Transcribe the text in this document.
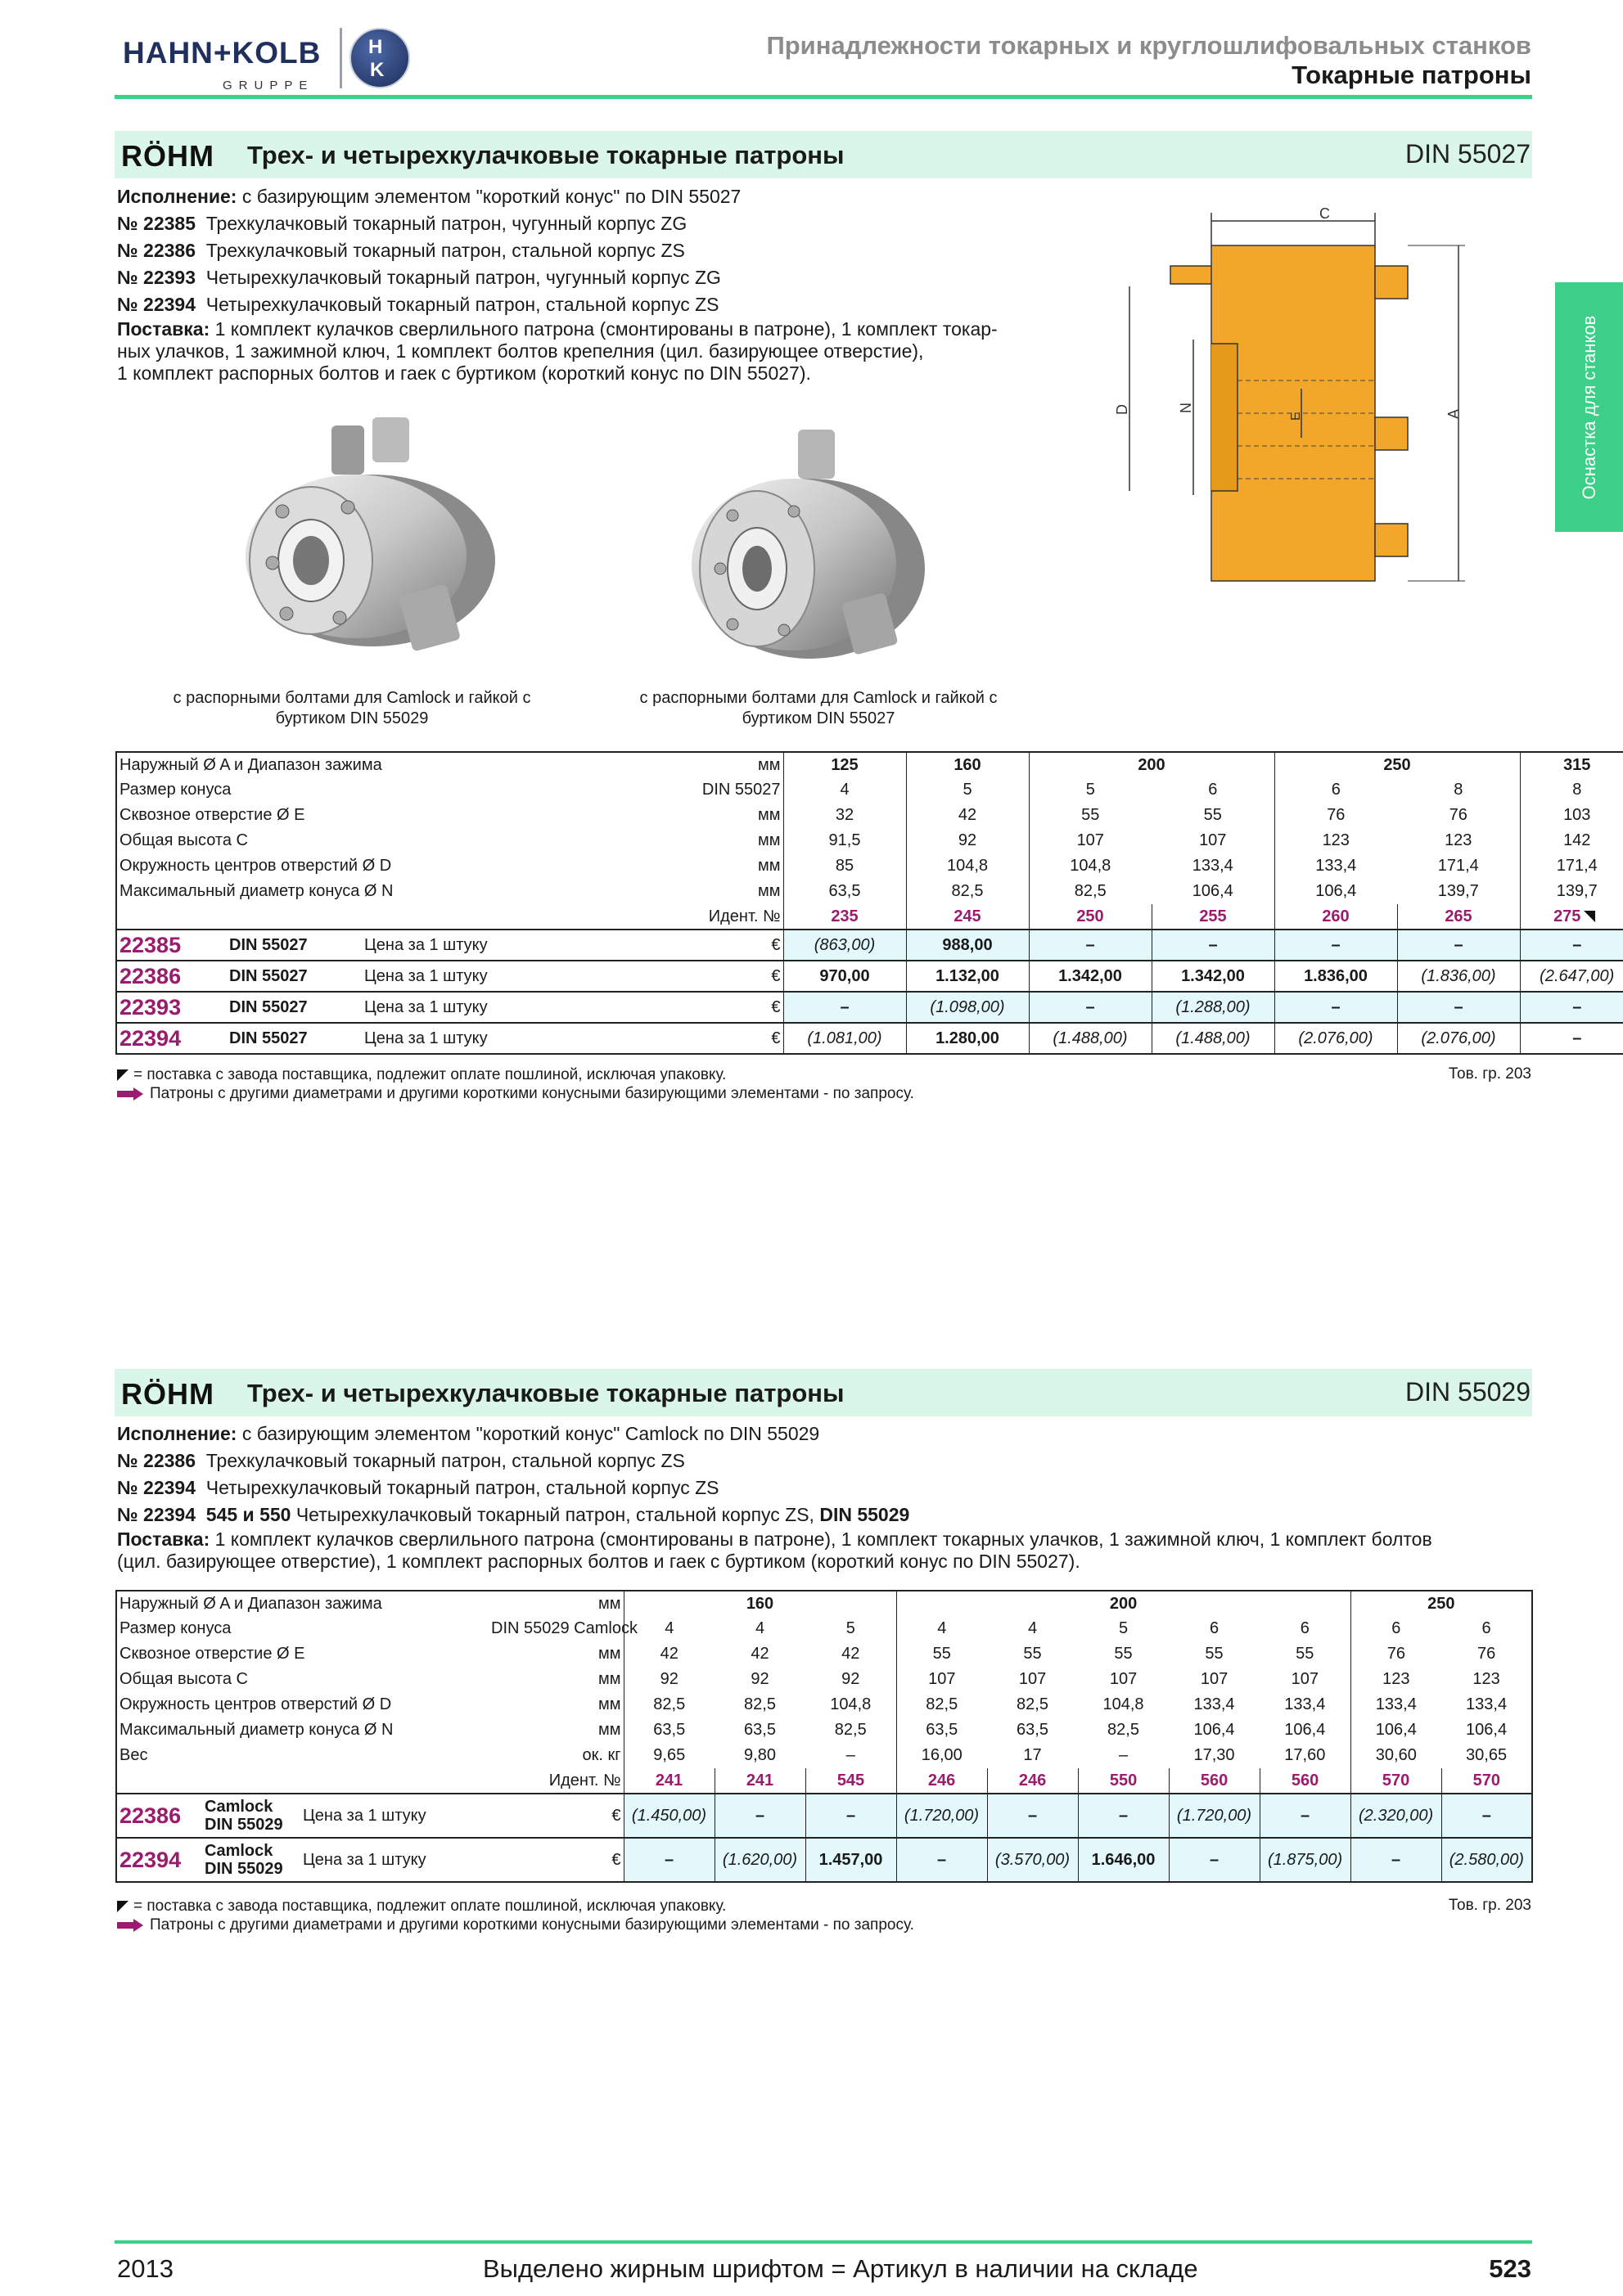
HAHN+KOLB
GRUPPE
H
K
Принадлежности токарных и круглошлифовальных станков
Токарные патроны
Оснастка для станков
RÖHM Трех- и четырехкулачковые токарные патроны	DIN 55027
Исполнение: с базирующим элементом "короткий конус" по DIN 55027
№ 22385 Трехкулачковый токарный патрон, чугунный корпус ZG
№ 22386 Трехкулачковый токарный патрон, стальной корпус ZS
№ 22393 Четырехкулачковый токарный патрон, чугунный корпус ZG
№ 22394 Четырехкулачковый токарный патрон, стальной корпус ZS
Поставка: 1 комплект кулачков сверлильного патрона (смонтированы в патроне), 1 комплект токар-
ных улачков, 1 зажимной ключ, 1 комплект болтов крепелния (цил. базирующее отверстие),
1 комплект распорных болтов и гаек с буртиком (короткий конус по DIN 55027).
с распорными болтами для Camlock и гайкой с буртиком DIN 55029
с распорными болтами для Camlock и гайкой с буртиком DIN 55027
C
D	N
E	A
Наружный Ø A и Диапазон зажима			мм	125	160	200		250		315
Размер конуса			DIN 55027	4	5	5	6	6	8	8
Сквозное отверстие Ø E			мм	32	42	55	55	76	76	103
Общая высота C			мм	91,5	92	107	107	123	123	142
Окружность центров отверстий Ø D			мм	85	104,8	104,8	133,4	133,4	171,4	171,4
Максимальный диаметр конуса Ø N			мм	63,5	82,5	82,5	106,4	106,4	139,7	139,7
			Идент. №	235	245	250	255	260	265	275
22385	DIN 55027	Цена за 1 штуку	€	(863,00)	988,00	–	–	–	–	–
22386	DIN 55027	Цена за 1 штуку	€	970,00	1.132,00	1.342,00	1.342,00	1.836,00	(1.836,00)	(2.647,00)
22393	DIN 55027	Цена за 1 штуку	€	–	(1.098,00)	–	(1.288,00)	–	–	–
22394	DIN 55027	Цена за 1 штуку	€	(1.081,00)	1.280,00	(1.488,00)	(1.488,00)	(2.076,00)	(2.076,00)	–
= поставка с завода поставщика, подлежит оплате пошлиной, исключая упаковку.
Патроны с другими диаметрами и другими короткими конусными базирующими элементами - по запросу.
Тов. гр. 203
RÖHM Трех- и четырехкулачковые токарные патроны	DIN 55029
Исполнение: с базирующим элементом "короткий конус" Camlock по DIN 55029
№ 22386 Трехкулачковый токарный патрон, стальной корпус ZS
№ 22394 Четырехкулачковый токарный патрон, стальной корпус ZS
№ 22394 545 и 550 Четырехкулачковый токарный патрон, стальной корпус ZS, DIN 55029
Поставка: 1 комплект кулачков сверлильного патрона (смонтированы в патроне), 1 комплект токарных улачков, 1 зажимной ключ, 1 комплект болтов
(цил. базирующее отверстие), 1 комплект распорных болтов и гаек с буртиком (короткий конус по DIN 55027).
Наружный Ø A и Диапазон зажима			мм	160			200					250	
Размер конуса			DIN 55029 Camlock	4	4	5	4	4	5	6	6	6	6
Сквозное отверстие Ø E			мм	42	42	42	55	55	55	55	55	76	76
Общая высота C			мм	92	92	92	107	107	107	107	107	123	123
Окружность центров отверстий Ø D			мм	82,5	82,5	104,8	82,5	82,5	104,8	133,4	133,4	133,4	133,4
Максимальный диаметр конуса Ø N			мм	63,5	63,5	82,5	63,5	63,5	82,5	106,4	106,4	106,4	106,4
Вес			ок. кг	9,65	9,80	–	16,00	17	–	17,30	17,60	30,60	30,65
			Идент. №	241	241	545	246	246	550	560	560	570	570
22386	Camlock
DIN 55029	Цена за 1 штуку	€	(1.450,00)	–	–	(1.720,00)	–	–	(1.720,00)	–	(2.320,00)	–
22394	Camlock
DIN 55029	Цена за 1 штуку	€	–	(1.620,00)	1.457,00	–	(3.570,00)	1.646,00	–	(1.875,00)	–	(2.580,00)
= поставка с завода поставщика, подлежит оплате пошлиной, исключая упаковку.
Патроны с другими диаметрами и другими короткими конусными базирующими элементами - по запросу.
Тов. гр. 203
2013	Выделено жирным шрифтом = Артикул в наличии на складе	523
